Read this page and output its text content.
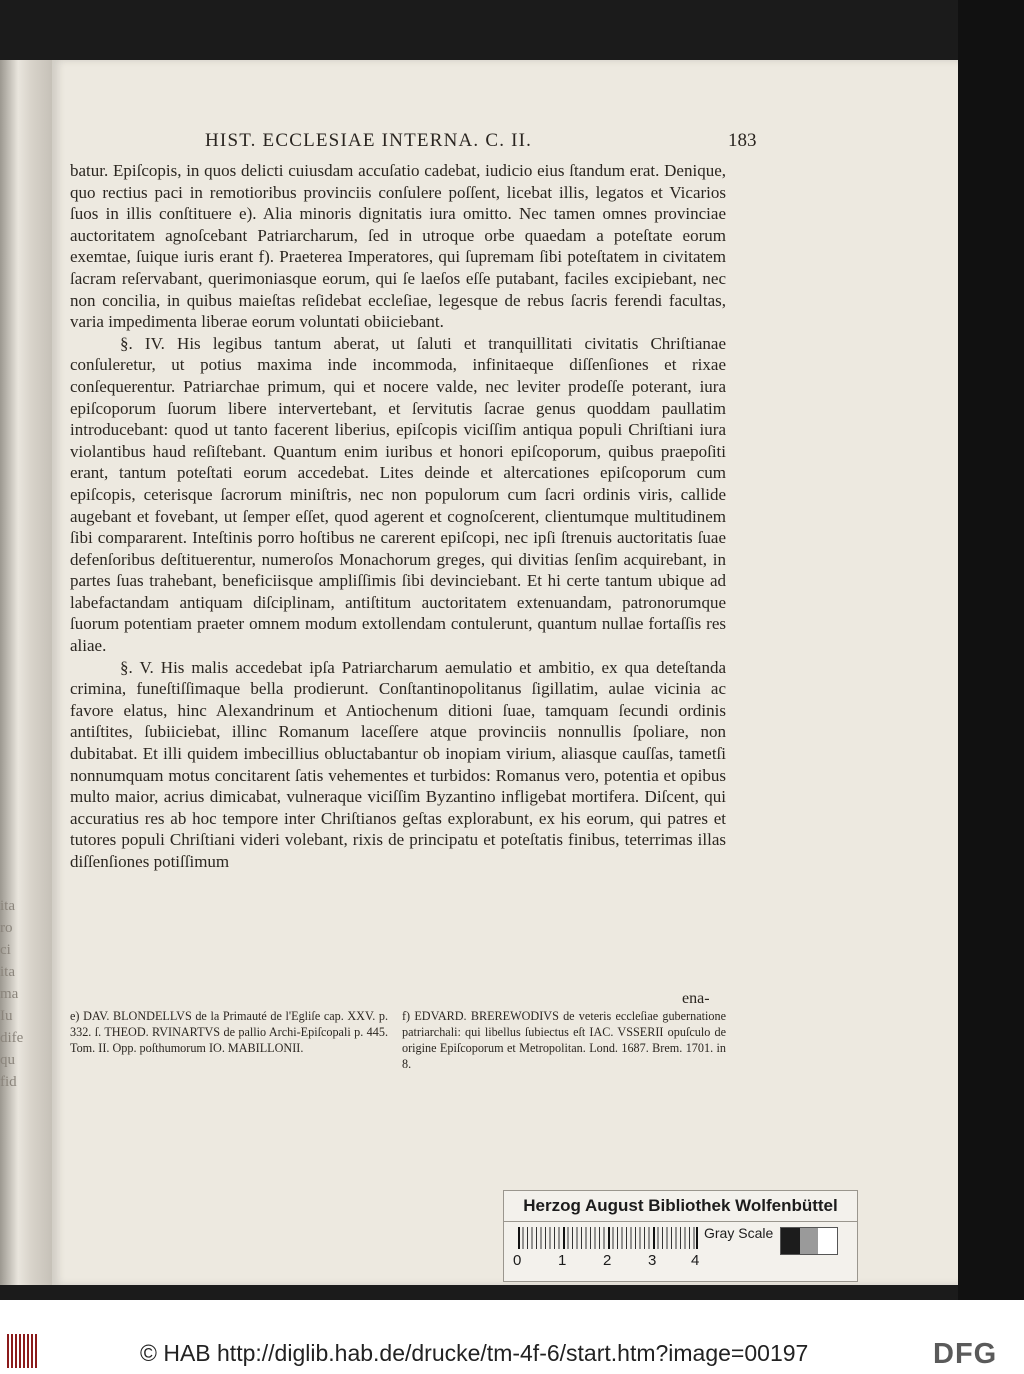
ita
ro
ci
ita
ma
Iu
dife
qu
fid
HIST. ECCLESIAE INTERNA. C. II.	183

batur. Epiſcopis, in quos delicti cuiusdam accuſatio cadebat, iudicio eius ſtandum erat. Denique, quo rectius paci in remotioribus provinciis conſulere poſſent, licebat illis, legatos et Vicarios ſuos in illis conſtituere e). Alia minoris dignitatis iura omitto. Nec tamen omnes provinciae auctoritatem agnoſcebant Patriarcharum, ſed in utroque orbe quaedam a poteſtate eorum exemtae, ſuique iuris erant f). Praeterea Imperatores, qui ſupremam ſibi poteſtatem in civitatem ſacram reſervabant, querimoniasque eorum, qui ſe laeſos eſſe putabant, faciles excipiebant, nec non concilia, in quibus maieſtas reſidebat eccleſiae, legesque de rebus ſacris ferendi facultas, varia impedimenta liberae eorum voluntati obiiciebant.

§. IV. His legibus tantum aberat, ut ſaluti et tranquillitati civitatis Chriſtianae conſuleretur, ut potius maxima inde incommoda, infinitaeque diſſenſiones et rixae conſequerentur. Patriarchae primum, qui et nocere valde, nec leviter prodeſſe poterant, iura epiſcoporum ſuorum libere intervertebant, et ſervitutis ſacrae genus quoddam paullatim introducebant: quod ut tanto facerent liberius, epiſcopis viciſſim antiqua populi Chriſtiani iura violantibus haud reſiſtebant. Quantum enim iuribus et honori epiſcoporum, quibus praepoſiti erant, tantum poteſtati eorum accedebat. Lites deinde et altercationes epiſcoporum cum epiſcopis, ceterisque ſacrorum miniſtris, nec non populorum cum ſacri ordinis viris, callide augebant et fovebant, ut ſemper eſſet, quod agerent et cognoſcerent, clientumque multitudinem ſibi compararent. Inteſtinis porro hoſtibus ne carerent epiſcopi, nec ipſi ſtrenuis auctoritatis ſuae defenſoribus deſtituerentur, numeroſos Monachorum greges, qui divitias ſenſim acquirebant, in partes ſuas trahebant, beneficiisque ampliſſimis ſibi devinciebant. Et hi certe tantum ubique ad labefactandam antiquam diſciplinam, antiſtitum auctoritatem extenuandam, patronorumque ſuorum potentiam praeter omnem modum extollendam contulerunt, quantum nullae fortaſſis res aliae.

§. V. His malis accedebat ipſa Patriarcharum aemulatio et ambitio, ex qua deteſtanda crimina, funeſtiſſimaque bella prodierunt. Conſtantinopolitanus ſigillatim, aulae vicinia ac favore elatus, hinc Alexandrinum et Antiochenum ditioni ſuae, tamquam ſecundi ordinis antiſtites, ſubiiciebat, illinc Romanum laceſſere atque provinciis nonnullis ſpoliare, non dubitabat. Et illi quidem imbecillius obluctabantur ob inopiam virium, aliasque cauſſas, tametſi nonnumquam motus concitarent ſatis vehementes et turbidos: Romanus vero, potentia et opibus multo maior, acrius dimicabat, vulneraque viciſſim Byzantino infligebat mortifera. Diſcent, qui accuratius res ab hoc tempore inter Chriſtianos geſtas explorabunt, ex his eorum, qui patres et tutores populi Chriſtiani videri volebant, rixis de principatu et poteſtatis finibus, teterrimas illas diſſenſiones potiſſimum

ena-

e) DAV. BLONDELLVS de la Primauté de l'Egliſe cap. XXV. p. 332. ſ. THEOD. RVINARTVS de pallio Archi-Epiſcopali p. 445. Tom. II. Opp. poſthumorum IO. MABILLONII.

f) EDVARD. BREREWODIVS de veteris eccleſiae gubernatione patriarchali: qui libellus ſubiectus eſt IAC. VSSERII opuſculo de origine Epiſcoporum et Metropolitan. Lond. 1687. Brem. 1701. in 8.

Herzog August Bibliothek Wolfenbüttel
0 1 2 3 4
Gray Scale
© HAB http://diglib.hab.de/drucke/tm-4f-6/start.htm?image=00197	DFG
